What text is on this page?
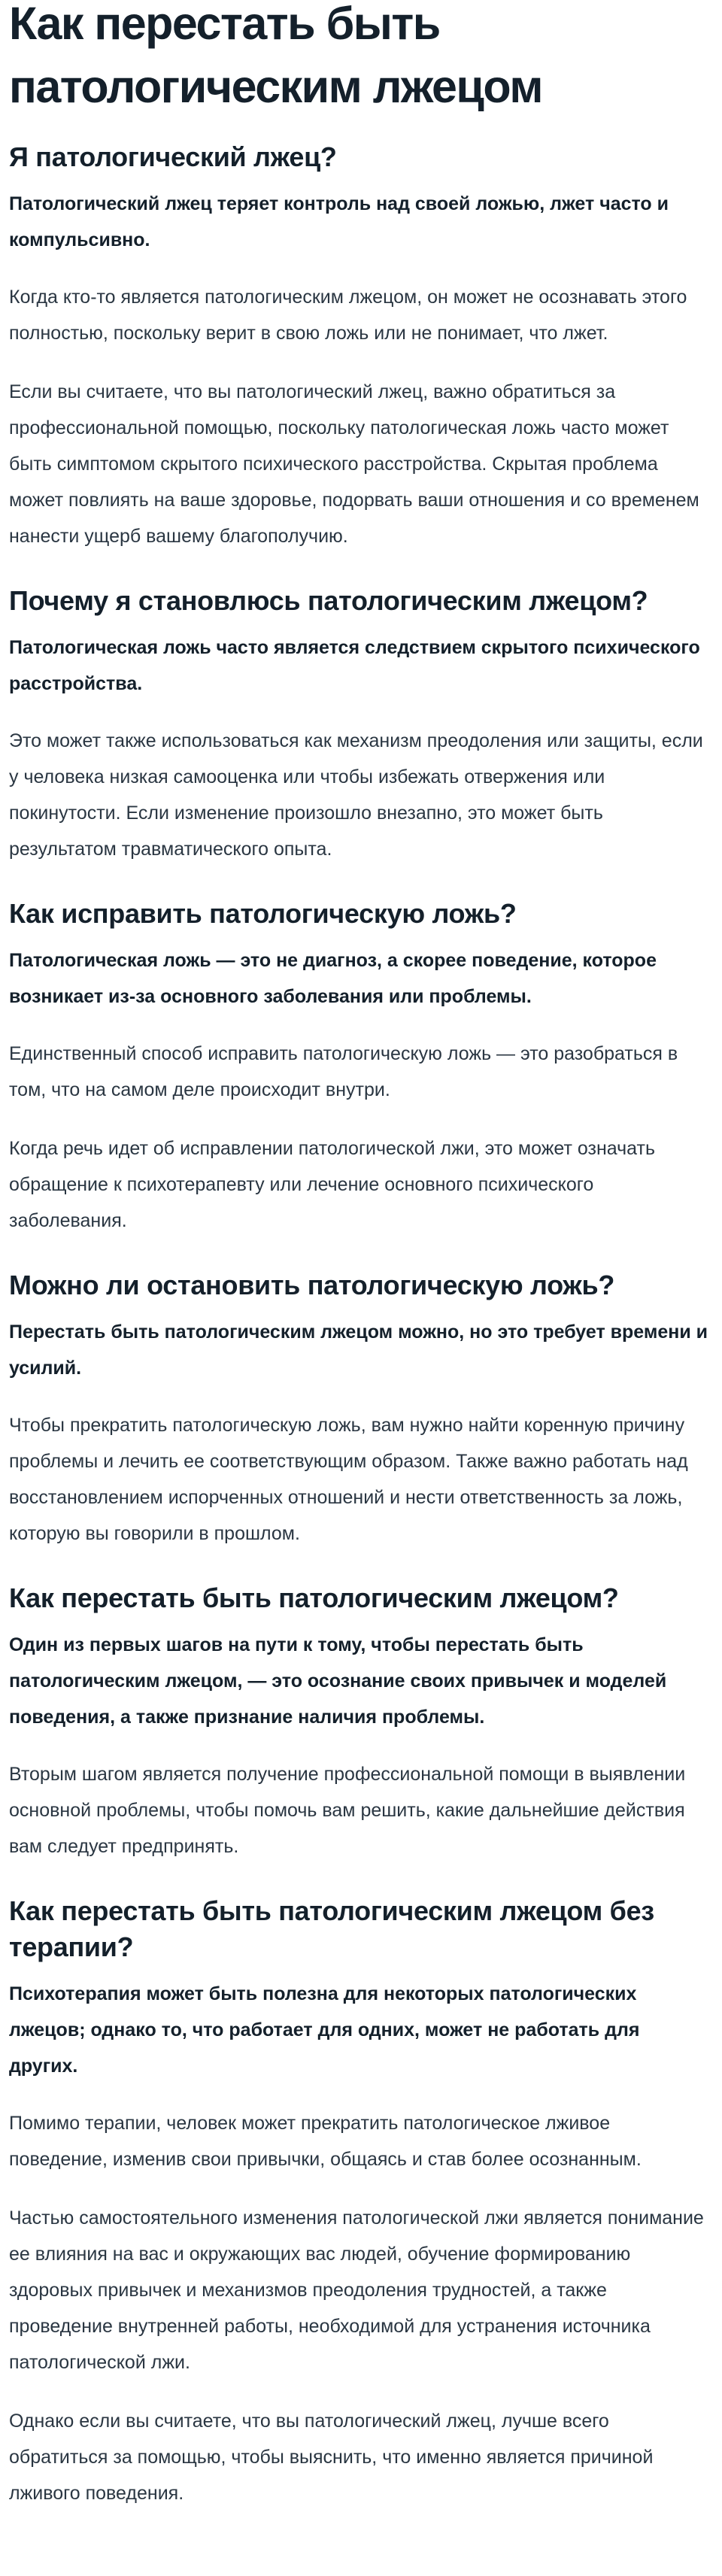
Как перестать быть патологическим лжецом
Я патологический лжец?

Патологический лжец теряет контроль над своей ложью, лжет часто и компульсивно.

Когда кто-то является патологическим лжецом, он может не осознавать этого полностью, поскольку верит в свою ложь или не понимает, что лжет.

Если вы считаете, что вы патологический лжец, важно обратиться за профессиональной помощью, поскольку патологическая ложь часто может быть симптомом скрытого психического расстройства. Скрытая проблема может повлиять на ваше здоровье, подорвать ваши отношения и со временем нанести ущерб вашему благополучию.

Почему я становлюсь патологическим лжецом?

Патологическая ложь часто является следствием скрытого психического расстройства.

Это может также использоваться как механизм преодоления или защиты, если у человека низкая самооценка или чтобы избежать отвержения или покинутости. Если изменение произошло внезапно, это может быть результатом травматического опыта.

Как исправить патологическую ложь?

Патологическая ложь — это не диагноз, а скорее поведение, которое возникает из-за основного заболевания или проблемы.

Единственный способ исправить патологическую ложь — это разобраться в том, что на самом деле происходит внутри.

Когда речь идет об исправлении патологической лжи, это может означать обращение к психотерапевту или лечение основного психического заболевания.

Можно ли остановить патологическую ложь?

Перестать быть патологическим лжецом можно, но это требует времени и усилий.

Чтобы прекратить патологическую ложь, вам нужно найти коренную причину проблемы и лечить ее соответствующим образом. Также важно работать над восстановлением испорченных отношений и нести ответственность за ложь, которую вы говорили в прошлом.

Как перестать быть патологическим лжецом?

Один из первых шагов на пути к тому, чтобы перестать быть патологическим лжецом, — это осознание своих привычек и моделей поведения, а также признание наличия проблемы.

Вторым шагом является получение профессиональной помощи в выявлении основной проблемы, чтобы помочь вам решить, какие дальнейшие действия вам следует предпринять.

Как перестать быть патологическим лжецом без терапии?

Психотерапия может быть полезна для некоторых патологических лжецов; однако то, что работает для одних, может не работать для других.

Помимо терапии, человек может прекратить патологическое лживое поведение, изменив свои привычки, общаясь и став более осознанным.

Частью самостоятельного изменения патологической лжи является понимание ее влияния на вас и окружающих вас людей, обучение формированию здоровых привычек и механизмов преодоления трудностей, а также проведение внутренней работы, необходимой для устранения источника патологической лжи.

Однако если вы считаете, что вы патологический лжец, лучше всего обратиться за помощью, чтобы выяснить, что именно является причиной лживого поведения.
